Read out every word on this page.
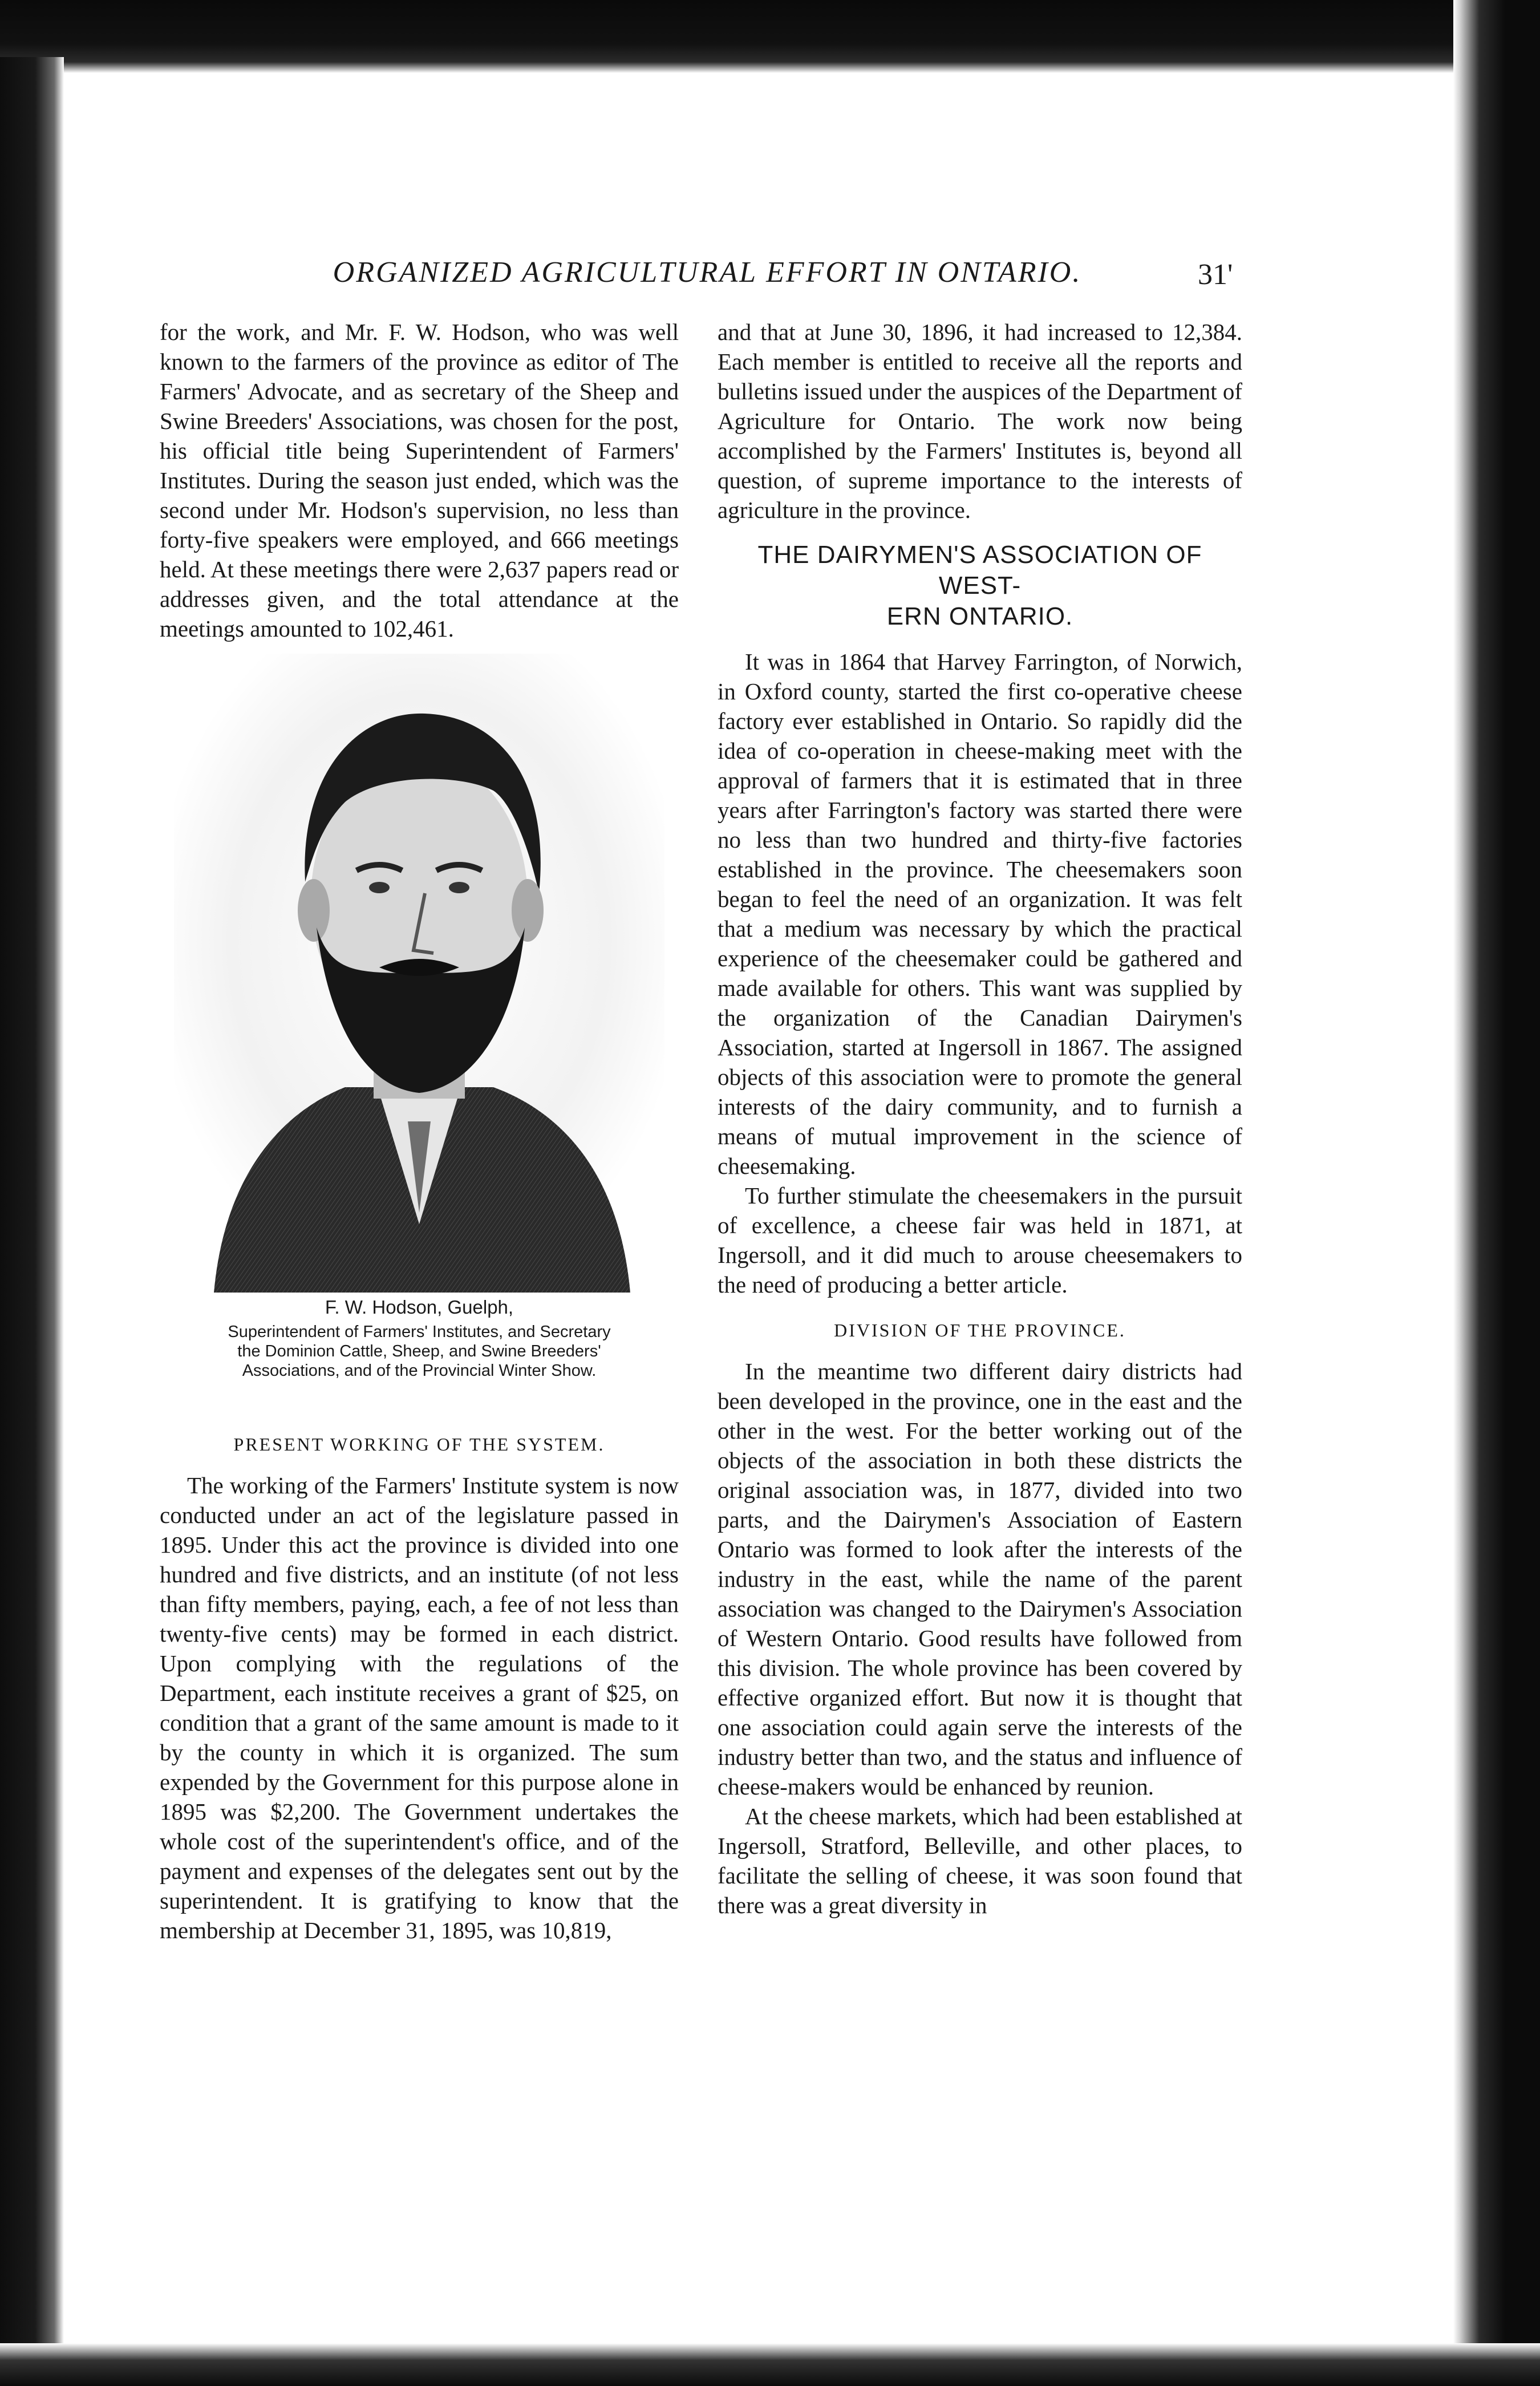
ORGANIZED AGRICULTURAL EFFORT IN ONTARIO.	31'

for the work, and Mr. F. W. Hodson, who was well known to the farmers of the province as editor of The Farmers' Advocate, and as secretary of the Sheep and Swine Breeders' Associations, was chosen for the post, his official title being Superintendent of Farmers' Institutes. During the season just ended, which was the second under Mr. Hodson's supervision, no less than forty-five speakers were employed, and 666 meetings held. At these meetings there were 2,637 papers read or addresses given, and the total attendance at the meetings amounted to 102,461.

F. W. Hodson, Guelph,

Superintendent of Farmers' Institutes, and Secretary

the Dominion Cattle, Sheep, and Swine Breeders'

Associations, and of the Provincial Winter Show.

PRESENT WORKING OF THE SYSTEM.

The working of the Farmers' Institute system is now conducted under an act of the legislature passed in 1895. Under this act the province is divided into one hundred and five districts, and an institute (of not less than fifty members, paying, each, a fee of not less than twenty-five cents) may be formed in each district. Upon complying with the regulations of the Department, each institute receives a grant of $25, on condition that a grant of the same amount is made to it by the county in which it is organized. The sum expended by the Government for this purpose alone in 1895 was $2,200. The Government undertakes the whole cost of the superintendent's office, and of the payment and expenses of the delegates sent out by the superintendent. It is gratifying to know that the membership at December 31, 1895, was 10,819,

and that at June 30, 1896, it had increased to 12,384. Each member is entitled to receive all the reports and bulletins issued under the auspices of the Department of Agriculture for Ontario. The work now being accomplished by the Farmers' Institutes is, beyond all question, of supreme importance to the interests of agriculture in the province.

THE DAIRYMEN'S ASSOCIATION OF WEST-
ERN ONTARIO.

It was in 1864 that Harvey Farrington, of Norwich, in Oxford county, started the first co-operative cheese factory ever established in Ontario. So rapidly did the idea of co-operation in cheese-making meet with the approval of farmers that it is estimated that in three years after Farrington's factory was started there were no less than two hundred and thirty-five factories established in the province. The cheesemakers soon began to feel the need of an organization. It was felt that a medium was necessary by which the practical experience of the cheesemaker could be gathered and made available for others. This want was supplied by the organization of the Canadian Dairymen's Association, started at Ingersoll in 1867. The assigned objects of this association were to promote the general interests of the dairy community, and to furnish a means of mutual improvement in the science of cheesemaking.

To further stimulate the cheesemakers in the pursuit of excellence, a cheese fair was held in 1871, at Ingersoll, and it did much to arouse cheesemakers to the need of producing a better article.

DIVISION OF THE PROVINCE.

In the meantime two different dairy districts had been developed in the province, one in the east and the other in the west. For the better working out of the objects of the association in both these districts the original association was, in 1877, divided into two parts, and the Dairymen's Association of Eastern Ontario was formed to look after the interests of the industry in the east, while the name of the parent association was changed to the Dairymen's Association of Western Ontario. Good results have followed from this division. The whole province has been covered by effective organized effort. But now it is thought that one association could again serve the interests of the industry better than two, and the status and influence of cheese-makers would be enhanced by reunion.

At the cheese markets, which had been established at Ingersoll, Stratford, Belleville, and other places, to facilitate the selling of cheese, it was soon found that there was a great diversity in
